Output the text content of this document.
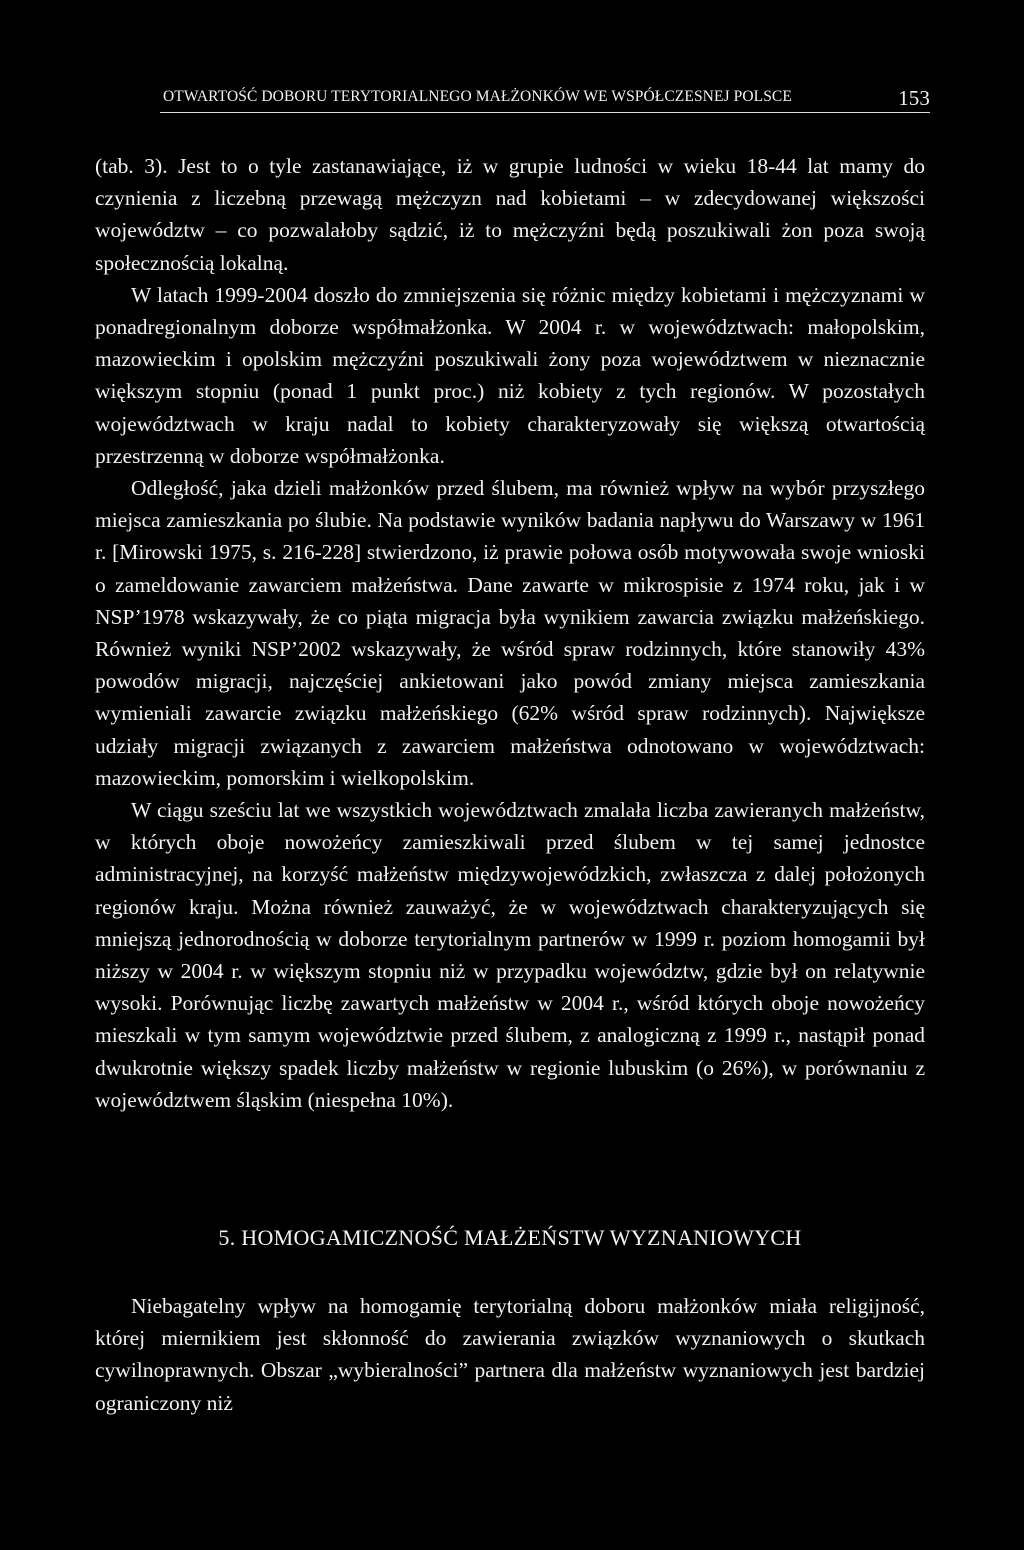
OTWARTOŚĆ DOBORU TERYTORIALNEGO MAŁŻONKÓW WE WSPÓŁCZESNEJ POLSCE	153

(tab. 3). Jest to o tyle zastanawiające, iż w grupie ludności w wieku 18-44 lat mamy do czynienia z liczebną przewagą mężczyzn nad kobietami – w zdecydowanej większości województw – co pozwalałoby sądzić, iż to mężczyźni będą poszukiwali żon poza swoją społecznością lokalną.

W latach 1999-2004 doszło do zmniejszenia się różnic między kobietami i mężczyznami w ponadregionalnym doborze współmałżonka. W 2004 r. w województwach: małopolskim, mazowieckim i opolskim mężczyźni poszukiwali żony poza województwem w nieznacznie większym stopniu (ponad 1 punkt proc.) niż kobiety z tych regionów. W pozostałych województwach w kraju nadal to kobiety charakteryzowały się większą otwartością przestrzenną w doborze współmałżonka.

Odległość, jaka dzieli małżonków przed ślubem, ma również wpływ na wybór przyszłego miejsca zamieszkania po ślubie. Na podstawie wyników badania napływu do Warszawy w 1961 r. [Mirowski 1975, s. 216-228] stwierdzono, iż prawie połowa osób motywowała swoje wnioski o zameldowanie zawarciem małżeństwa. Dane zawarte w mikrospisie z 1974 roku, jak i w NSP’1978 wskazywały, że co piąta migracja była wynikiem zawarcia związku małżeńskiego. Również wyniki NSP’2002 wskazywały, że wśród spraw rodzinnych, które stanowiły 43% powodów migracji, najczęściej ankietowani jako powód zmiany miejsca zamieszkania wymieniali zawarcie związku małżeńskiego (62% wśród spraw rodzinnych). Największe udziały migracji związanych z zawarciem małżeństwa odnotowano w województwach: mazowieckim, pomorskim i wielkopolskim.

W ciągu sześciu lat we wszystkich województwach zmalała liczba zawieranych małżeństw, w których oboje nowożeńcy zamieszkiwali przed ślubem w tej samej jednostce administracyjnej, na korzyść małżeństw międzywojewódzkich, zwłaszcza z dalej położonych regionów kraju. Można również zauważyć, że w województwach charakteryzujących się mniejszą jednorodnością w doborze terytorialnym partnerów w 1999 r. poziom homogamii był niższy w 2004 r. w większym stopniu niż w przypadku województw, gdzie był on relatywnie wysoki. Porównując liczbę zawartych małżeństw w 2004 r., wśród których oboje nowożeńcy mieszkali w tym samym województwie przed ślubem, z analogiczną z 1999 r., nastąpił ponad dwukrotnie większy spadek liczby małżeństw w regionie lubuskim (o 26%), w porównaniu z województwem śląskim (niespełna 10%).

5. HOMOGAMICZNOŚĆ MAŁŻEŃSTW WYZNANIOWYCH

Niebagatelny wpływ na homogamię terytorialną doboru małżonków miała religijność, której miernikiem jest skłonność do zawierania związków wyznaniowych o skutkach cywilnoprawnych. Obszar „wybieralności” partnera dla małżeństw wyznaniowych jest bardziej ograniczony niż
